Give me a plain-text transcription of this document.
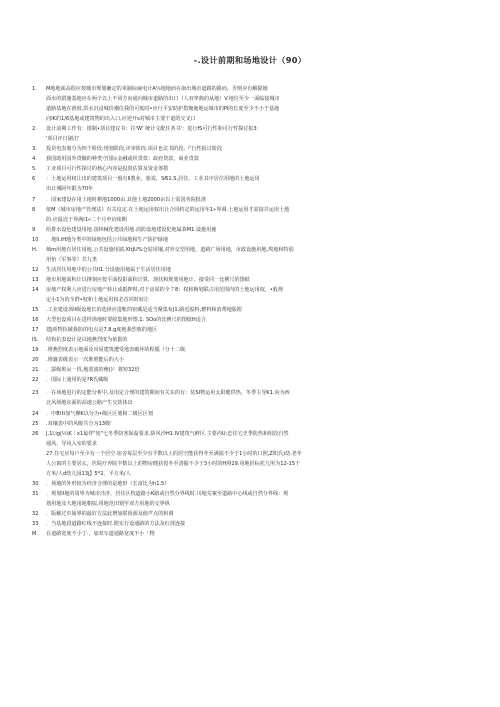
-.设计前期和场地设计（90）
1. M地地面高程应按城市规划确定的米制标麻电计A¼地地而在南出城市道路的路而，否则应有解除她
面水的措施基地应在两个以上不同方向通向城市道路的出口（人双率典的从地）V.地位至少一面临接城市
道路基地在滑坡,洪水沉浸城价潮位我的可低时•应行平安助护措俺施地运城市的Pi的长度至少不小于基地
向IK的1/6基地或建筑物的出入口,应逆开s对城市主要干道的交叉口
2. 设计前期工作有：错制•项目建议书：拉'W' 统计文配任务书'：进行fS可行性和可行性探讨报3：
'项目评日剔击'
3. 投货电表划分为四个阶段:规划阶段,评审阶段.项目也议书阶段,『'行性报讨阶段
4. 我国助用国外贷额的种类守国际金融或织贷款：政府贷款，商业贷款
5. 工业项目可行性探讨的核心内容是投资估算及资金筹措
6 ：土地运用权让出的建筑项目一般有II教业，旅说，S⁄61.S,居住，工业其中居住用地的土地运用
出让城阿年限为70年
7 ．国家建设在用土地时耕地1000亩.其他土地2000亩以上需国务院批准
8 依M《城市房地产管理法》有关坟定.在土地运用权出让合同约定的运用年1»界调.土地运用才需接并运用土地
的.应最迟于界满l1«二个月申访续期
9 给排水设色建设用地.国林械化建设用地.消防设地建设犯地属恭M1.设施用施
10 ．地II.iH地分类中的绿地包括公共绿地和生产防护绿地
H. 城m用地有居住用地,公共设施用端.XItJU%仓姑用壤,对外交型用地，道路广场用地，市政设施用地,埃地和特别
用怡（军事等）共九类
12 生活居住用地中的公共Il1.分设施用地属于生活居住用地
13 地市用地面积计以撑刻应按平面投影面积计算，现状和规划用地计。接受同一比例尺的图纸
14 房地产权利人应进行房地产转让或抵押时,对于房屋的全７8：权和梅划联占用范围内的土地运用权，•般规
定小1为的全群•权和土地运用权必首同时转让
15 .工业建设项II级设地长的选择应进帐的密藏是适当聚集布J1.路近股料,燃料和消费地版附
16 大型也设项目在进样场地时要收集地形图.1: SOo的比例尺的图纸H适合
17 建j项物抗破我防的电点是7.8.g度地我烈收的地区
IS. 结构抗表设计是以地燕烈度为依据的
19 .堆燕烈度表示地面及出屋建筑遭受地表破坏的程僵（分十二级.
20 .堆襄表级表示一次堆堆能后的大小
21 ．霹级班呆一找,地震波的俺()！将短32倍
22 ．国际上通用的是?R氏藏级
23 ．在场地进行的定能分析中,及用定合理的建筑期间有关东的有：装SI物运用太阳健供热，冬季主导K1.向为西
北风场地东面的高速公路产生交劫体出
24 ．中B!ti加气柳K以分为•级区区划和二级区区划
25 .双壤表中的风级共分为13级'
26 J,1l.ig|½\K｜x1最伴"密"七冬季防寒保温要求.防风沙H1.IV建筑气鲜区.主要内U:忠住宅史季防热和组段自然
通风，导风入室的要求
27.住宅应每户至少有一个居空.宿舍每层至少有半数以上的居空能获得冬至满演不少于1小时的口照,Z积氏)幼.老年
人公寓的主要居玄，医院疗养院半数以上的物房健获徨冬至清掘不少于3小时的H照29.用地折标托儿所为12-15干
方米/人d幼儿园13j】5*2。平方米/人
30 ．场地的外形较为经济合理的是地形（长富比为h1.5）
31 ．规划II地的周界为城市泾济，居住区枕道路小K路或自然分界线时.川地荒案至道路中心线或自然分界线：规
划用地及大地用地朝拟,用地范田划至双方用地的交界纵
32 ．版解过巾阅界的最好方法此增加联尚源及使声点的和调
33 ．当基地段道路红线不连接时.附实行设通路的方法及红找连接
M. 在道路宽度不小丁·，加双车道通路宽度不小「物
